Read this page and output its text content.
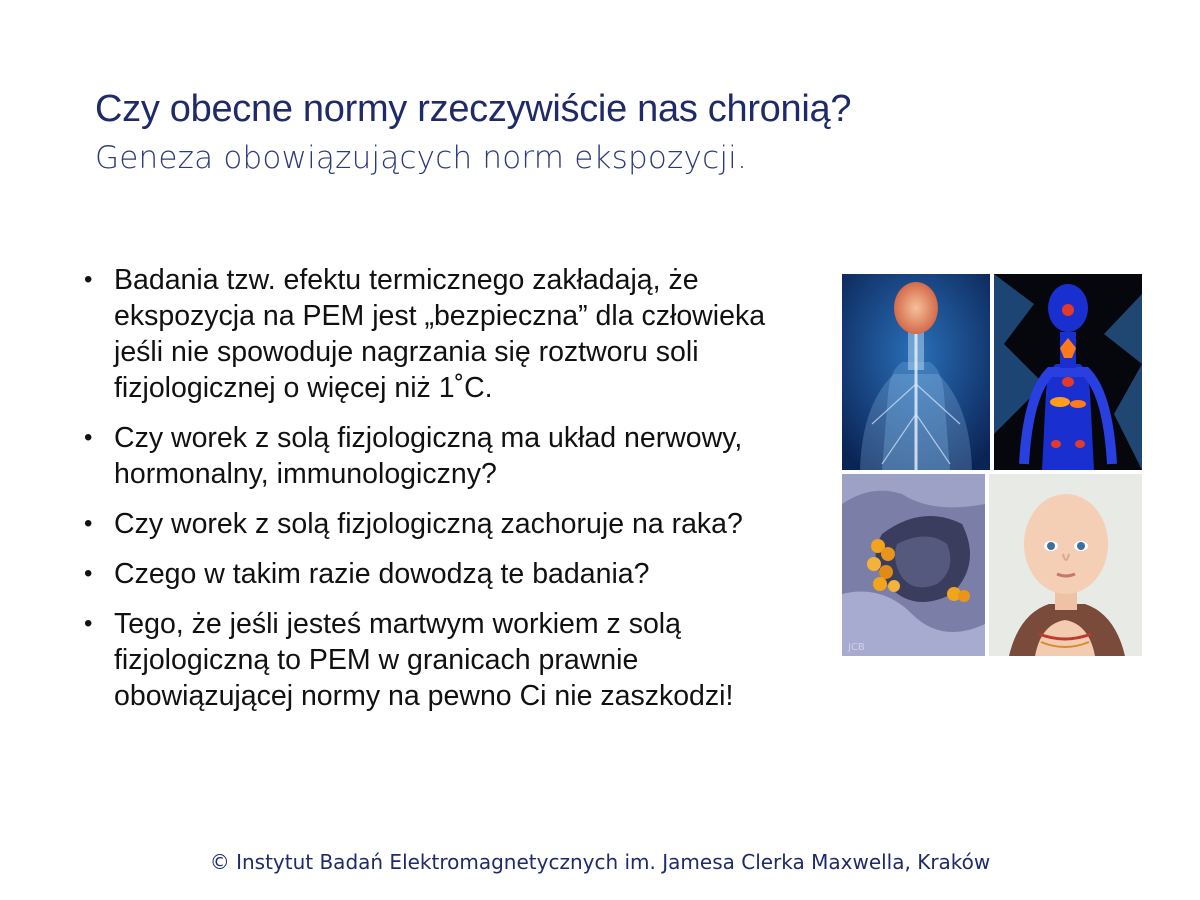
Czy obecne normy rzeczywiście nas chronią?
Geneza obowiązujących norm ekspozycji.
• Badania tzw. efektu termicznego zakładają, że ekspozycja na PEM jest „bezpieczna” dla człowieka jeśli nie spowoduje nagrzania się roztworu soli fizjologicznej o więcej niż 1˚C.
• Czy worek z solą fizjologiczną ma układ nerwowy, hormonalny, immunologiczny?
• Czy worek z solą fizjologiczną zachoruje na raka?
• Czego w takim razie dowodzą te badania?
• Tego, że jeśli jesteś martwym workiem z solą fizjologiczną to PEM w granicach prawnie obowiązującej normy na pewno Ci nie zaszkodzi!
JCB
© Instytut Badań Elektromagnetycznych im. Jamesa Clerka Maxwella, Kraków
